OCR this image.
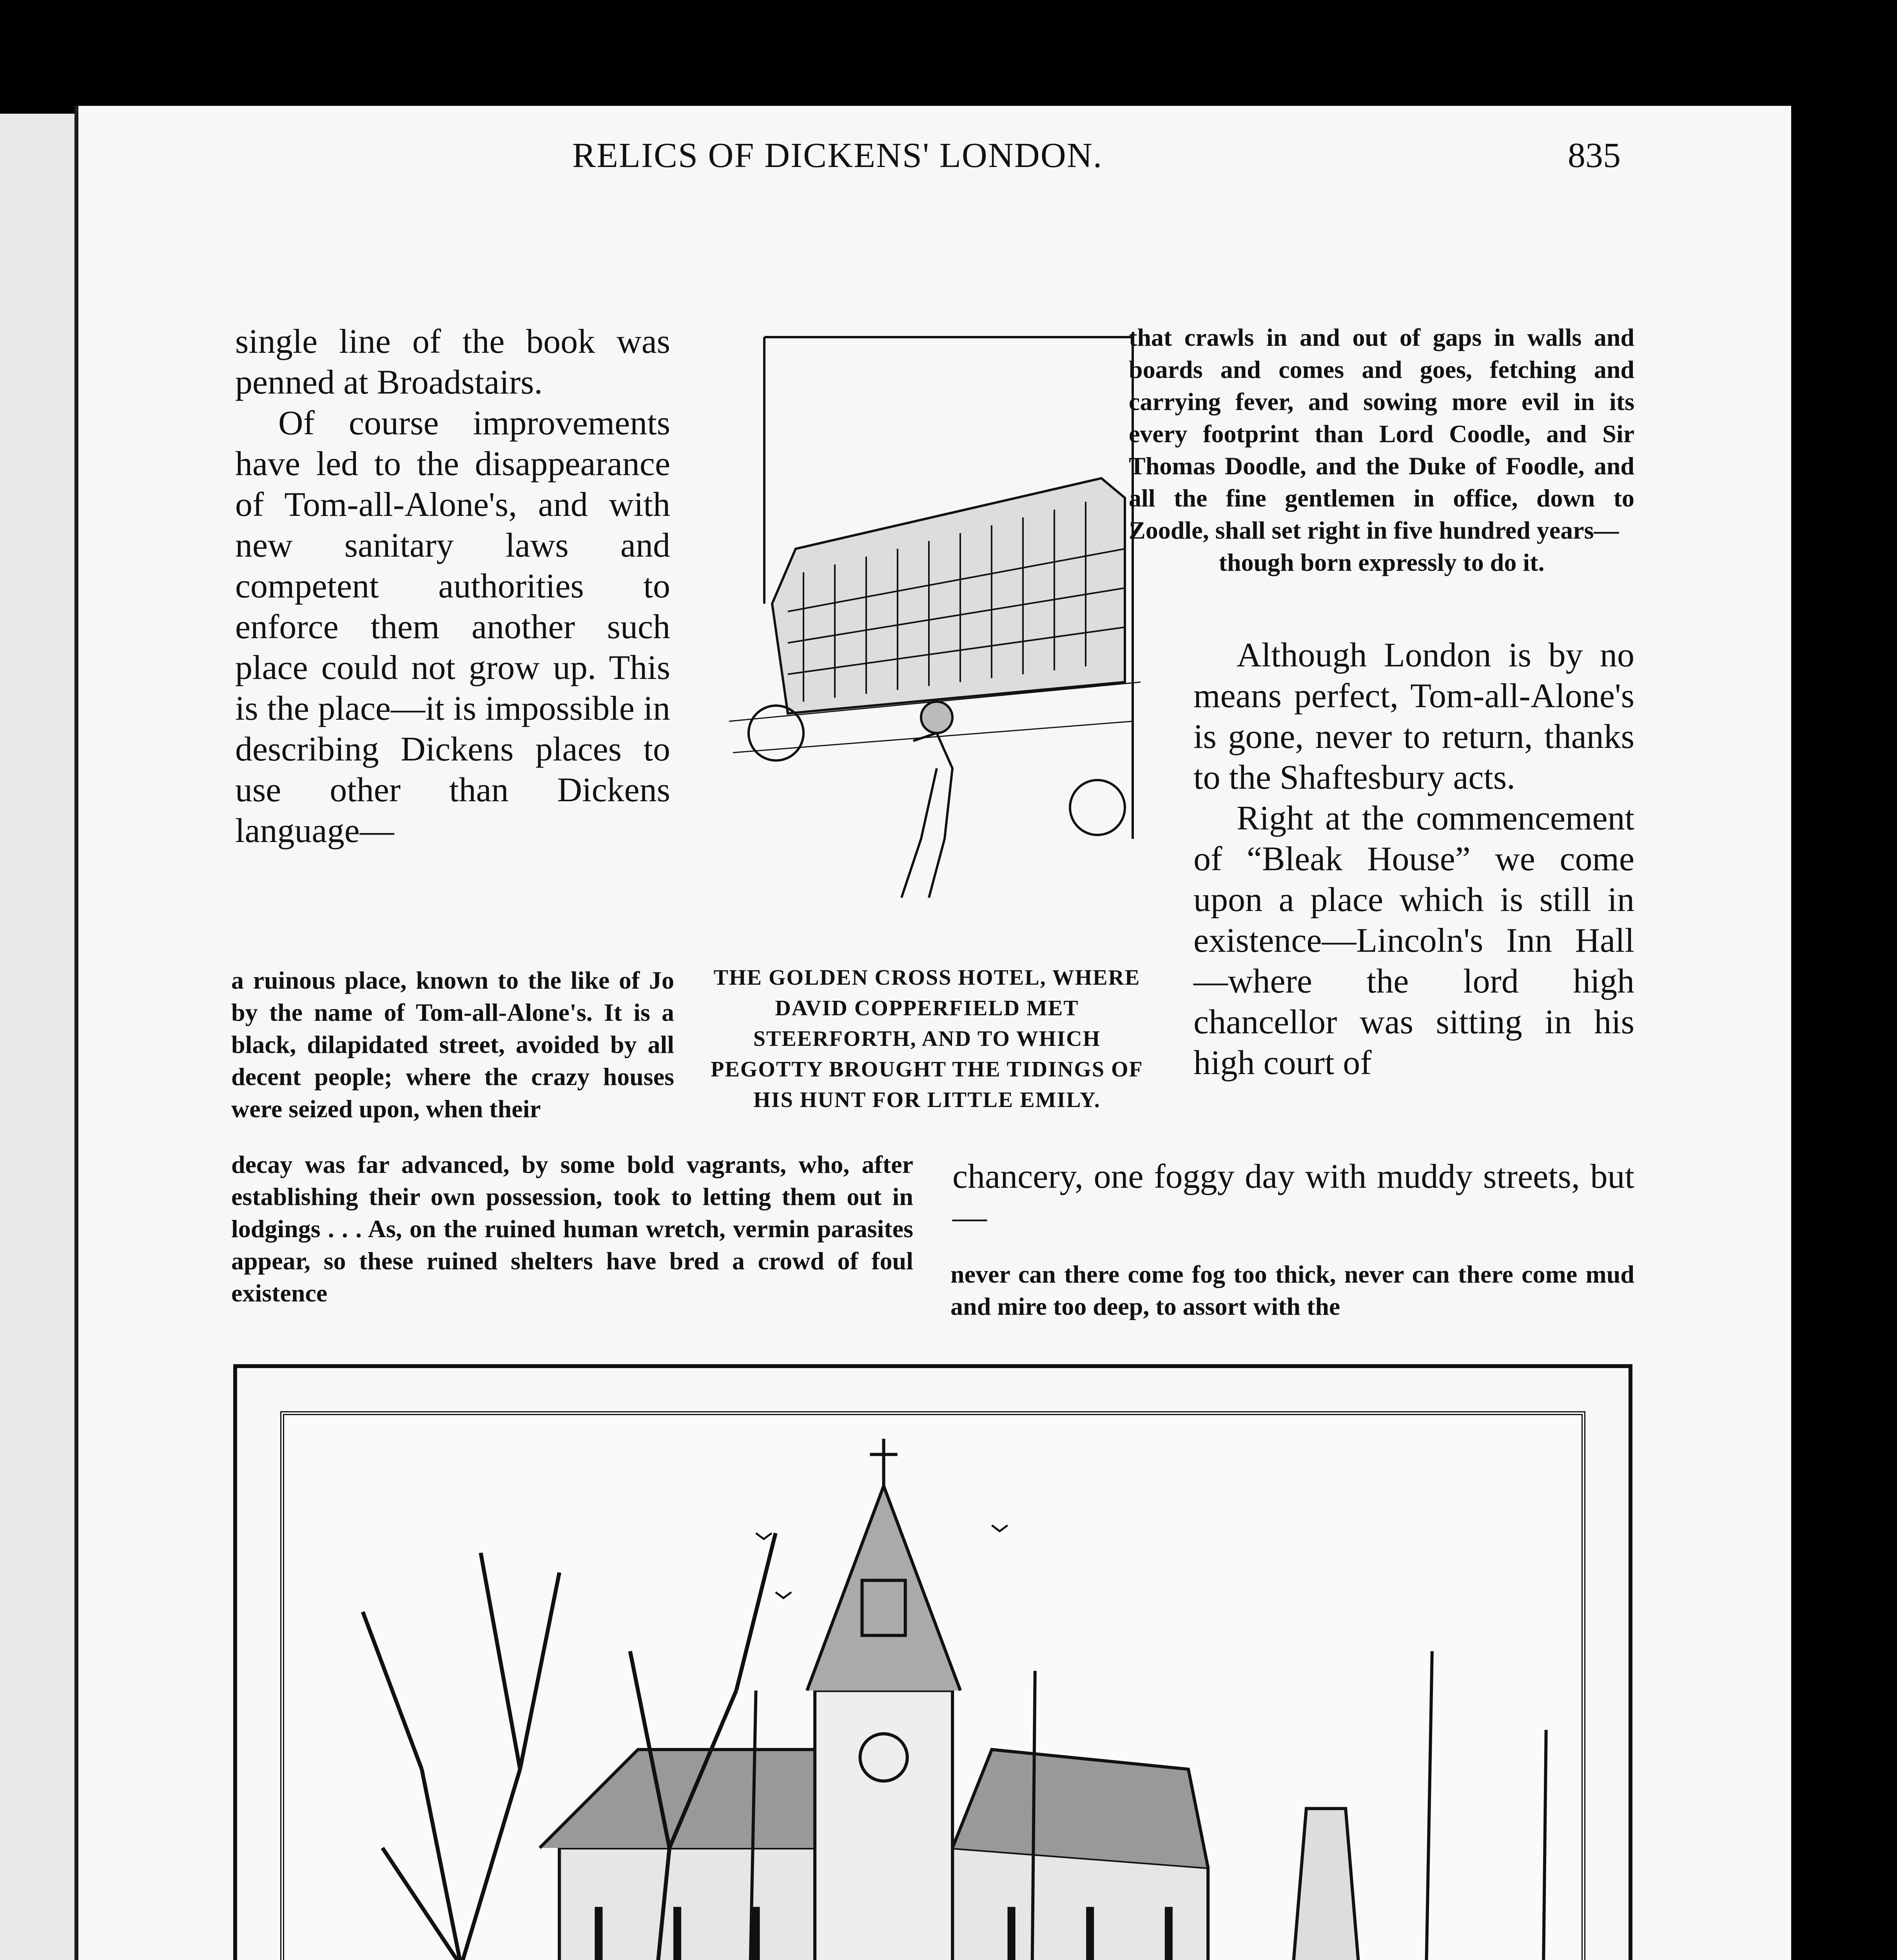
RELICS OF DICKENS' LONDON.	835

single line of the book was penned at Broadstairs.

Of course improvements have led to the disappearance of Tom-all-Alone's, and with new sanitary laws and competent authorities to enforce them another such place could not grow up. This is the place—it is impossible in describing Dickens places to use other than Dickens language—

a ruinous place, known to the like of Jo by the name of Tom-all-Alone's. It is a black, dilapidated street, avoided by all decent people; where the crazy houses were seized upon, when their
decay was far advanced, by some bold vagrants, who, after establishing their own possession, took to letting them out in lodgings . . . As, on the ruined human wretch, vermin parasites appear, so these ruined shelters have bred a crowd of foul existence
THE GOLDEN CROSS HOTEL, WHERE DAVID COPPERFIELD MET STEERFORTH, AND TO WHICH PEGOTTY BROUGHT THE TIDINGS OF HIS HUNT FOR LITTLE EMILY.

that crawls in and out of gaps in walls and boards and comes and goes, fetching and carrying fever, and sowing more evil in its every footprint than Lord Coodle, and Sir Thomas Doodle, and the Duke of Foodle, and all the fine gentlemen in office, down to Zoodle, shall set right in five hundred years—

though born expressly to do it.

Although London is by no means perfect, Tom-all-Alone's is gone, never to return, thanks to the Shaftesbury acts.

Right at the commencement of “Bleak House” we come upon a place which is still in existence—Lincoln's Inn Hall—where the lord high chancellor was sitting in his high court of

chancery, one foggy day with muddy streets, but—
never can there come fog too thick, never can there come mud and mire too deep, to assort with the
